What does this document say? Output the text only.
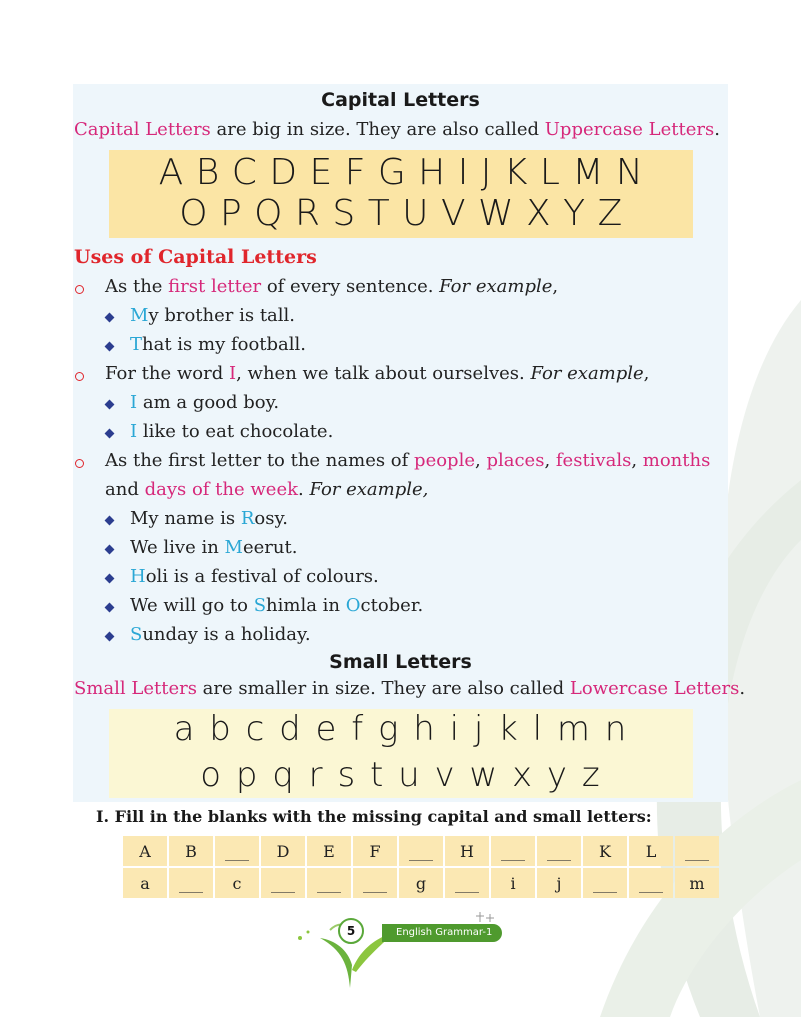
Capital Letters
Capital Letters are big in size. They are also called Uppercase Letters.
A B C D E F G H I J K L M N
O P Q R S T U V W X Y Z
Uses of Capital Letters
As the first letter of every sentence. For example,
My brother is tall.
That is my football.
For the word I, when we talk about ourselves. For example,
I am a good boy.
I like to eat chocolate.
As the first letter to the names of people, places, festivals, months
and days of the week. For example,
My name is Rosy.
We live in Meerut.
Holi is a festival of colours.
We will go to Shimla in October.
Sunday is a holiday.
Small Letters
Small Letters are smaller in size. They are also called Lowercase Letters.
a b c d e f g h i j k l m n
o p q r s t u v w x y z
I. Fill in the blanks with the missing capital and small letters:
A	B	___	D	E	F	___	H	___	___	K	L	___
a	___	c	___	___	___	g	___	i	j	___	___	m
5	English Grammar-1
